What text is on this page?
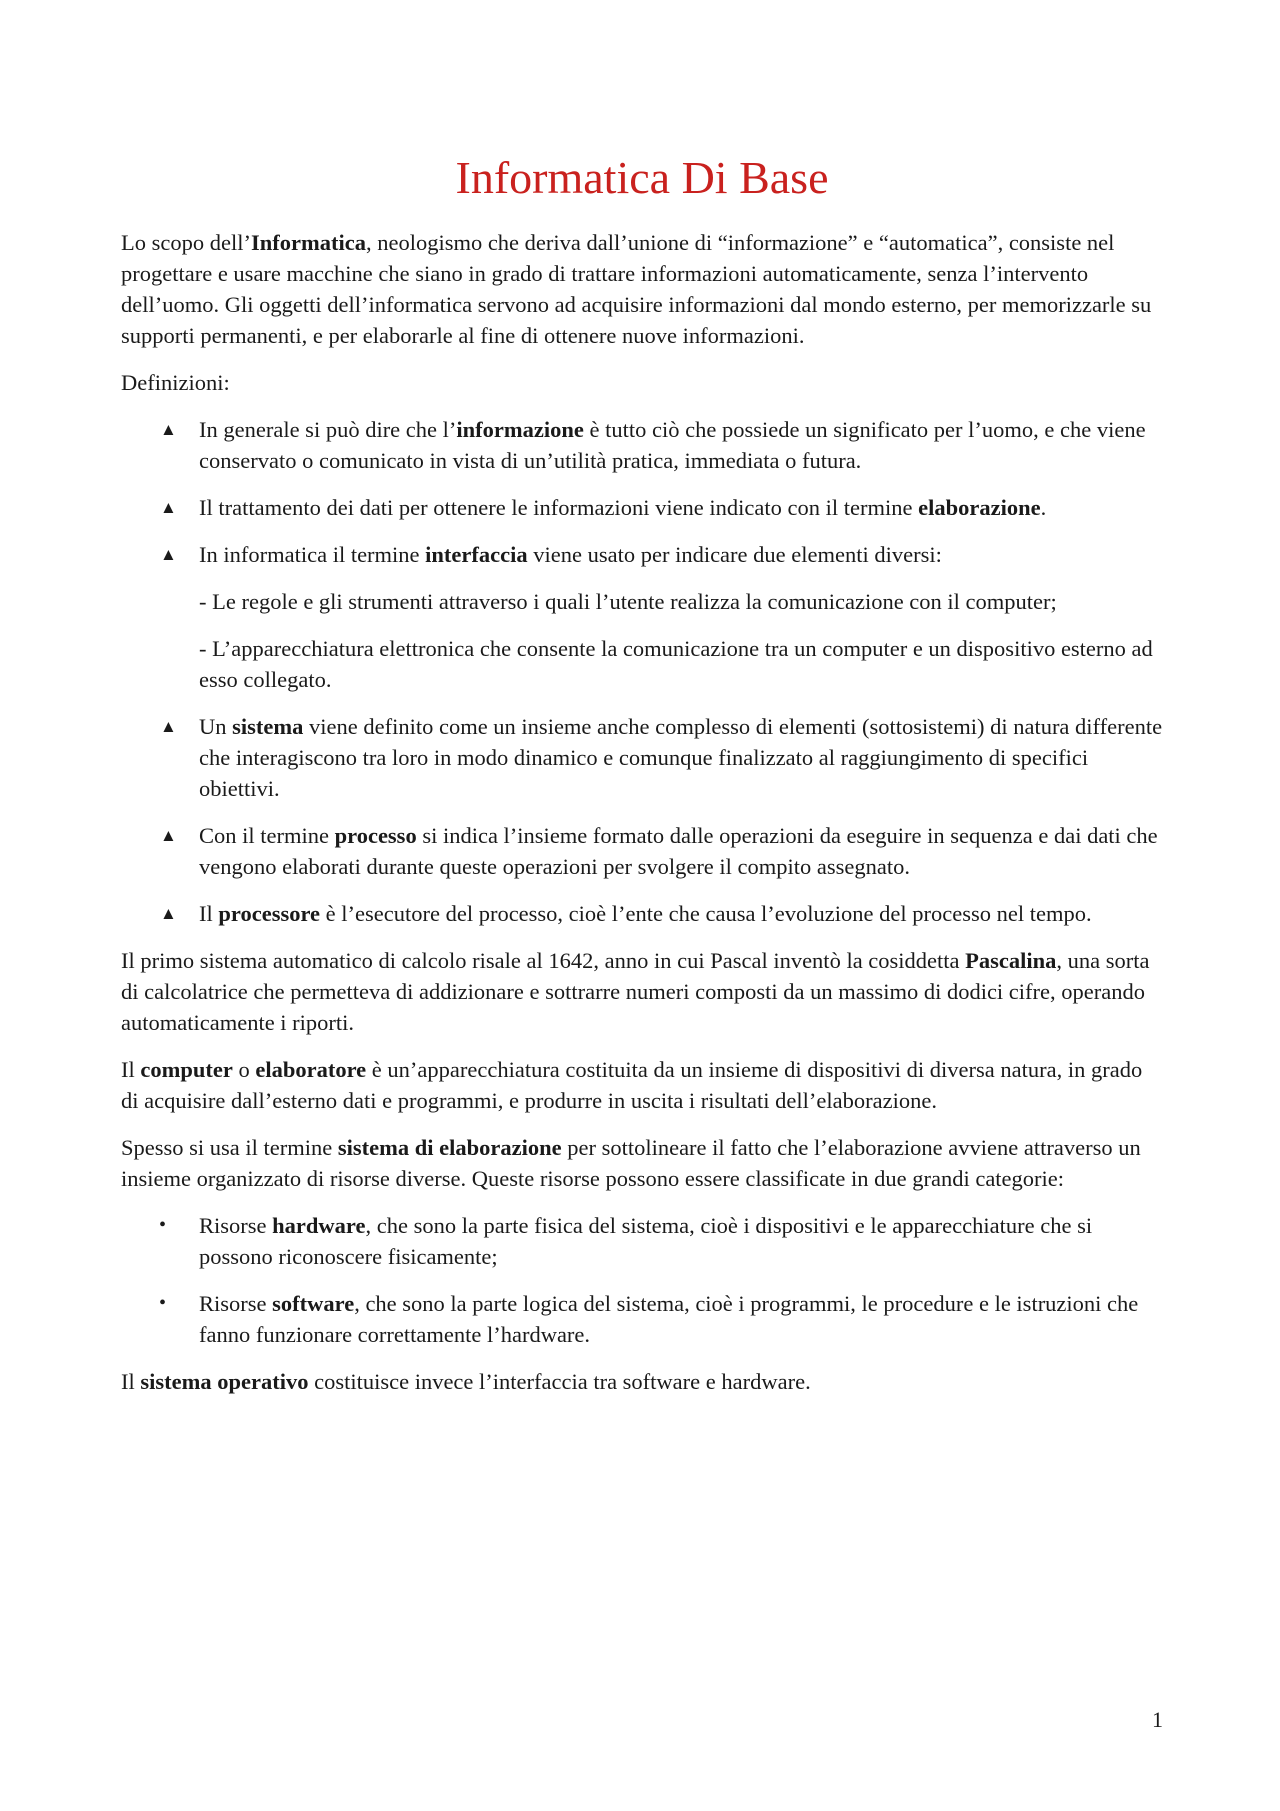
Informatica Di Base

Lo scopo dell’Informatica, neologismo che deriva dall’unione di “informazione” e “automatica”, consiste nel progettare e usare macchine che siano in grado di trattare informazioni automaticamente, senza l’intervento dell’uomo. Gli oggetti dell’informatica servono ad acquisire informazioni dal mondo esterno, per memorizzarle su supporti permanenti, e per elaborarle al fine di ottenere nuove informazioni.

Definizioni:

▲ In generale si può dire che l’informazione è tutto ciò che possiede un significato per l’uomo, e che viene conservato o comunicato in vista di un’utilità pratica, immediata o futura.
▲ Il trattamento dei dati per ottenere le informazioni viene indicato con il termine elaborazione.
▲ In informatica il termine interfaccia viene usato per indicare due elementi diversi:

- Le regole e gli strumenti attraverso i quali l’utente realizza la comunicazione con il computer;

- L’apparecchiatura elettronica che consente la comunicazione tra un computer e un dispositivo esterno ad esso collegato.

▲ Un sistema viene definito come un insieme anche complesso di elementi (sottosistemi) di natura differente che interagiscono tra loro in modo dinamico e comunque finalizzato al raggiungimento di specifici obiettivi.
▲ Con il termine processo si indica l’insieme formato dalle operazioni da eseguire in sequenza e dai dati che vengono elaborati durante queste operazioni per svolgere il compito assegnato.
▲ Il processore è l’esecutore del processo, cioè l’ente che causa l’evoluzione del processo nel tempo.

Il primo sistema automatico di calcolo risale al 1642, anno in cui Pascal inventò la cosiddetta Pascalina, una sorta di calcolatrice che permetteva di addizionare e sottrarre numeri composti da un massimo di dodici cifre, operando automaticamente i riporti.

Il computer o elaboratore è un’apparecchiatura costituita da un insieme di dispositivi di diversa natura, in grado di acquisire dall’esterno dati e programmi, e produrre in uscita i risultati dell’elaborazione.

Spesso si usa il termine sistema di elaborazione per sottolineare il fatto che l’elaborazione avviene attraverso un insieme organizzato di risorse diverse. Queste risorse possono essere classificate in due grandi categorie:

• Risorse hardware, che sono la parte fisica del sistema, cioè i dispositivi e le apparecchiature che si possono riconoscere fisicamente;
• Risorse software, che sono la parte logica del sistema, cioè i programmi, le procedure e le istruzioni che fanno funzionare correttamente l’hardware.

Il sistema operativo costituisce invece l’interfaccia tra software e hardware.

1
